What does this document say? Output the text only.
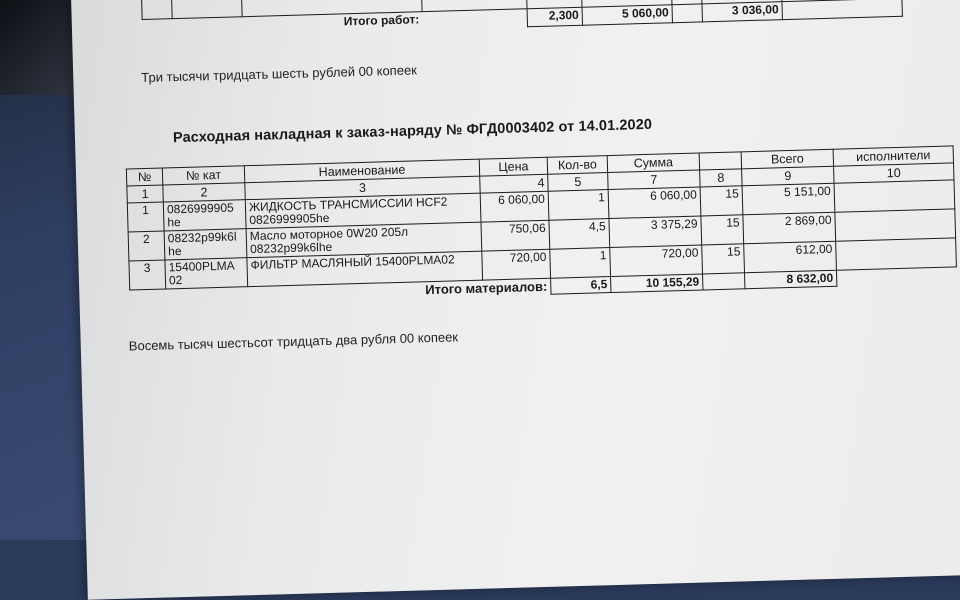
Итого работ:				2,300	5 060,00		3 036,00	
Три тысячи тридцать шесть рублей 00 копеек
Расходная накладная к заказ-наряду № ФГД0003402 от 14.01.2020
№	№ кат	Наименование	Цена	Кол-во	Сумма		Всего	исполнители
1	2	3	4	5	7	8	9	10
1	0826999905 he	ЖИДКОСТЬ ТРАНСМИССИИ HCF2 0826999905he	6 060,00	1	6 060,00	15	5 151,00	
2	08232p99k6l he	Масло моторное 0W20 205л 08232p99k6lhe	750,06	4,5	3 375,29	15	2 869,00	
3	15400PLMA 02	ФИЛЬТР МАСЛЯНЫЙ 15400PLMA02	720,00	1	720,00	15	612,00	
		Итого материалов:		6,5	10 155,29		8 632,00	
Восемь тысяч шестьсот тридцать два рубля 00 копеек
